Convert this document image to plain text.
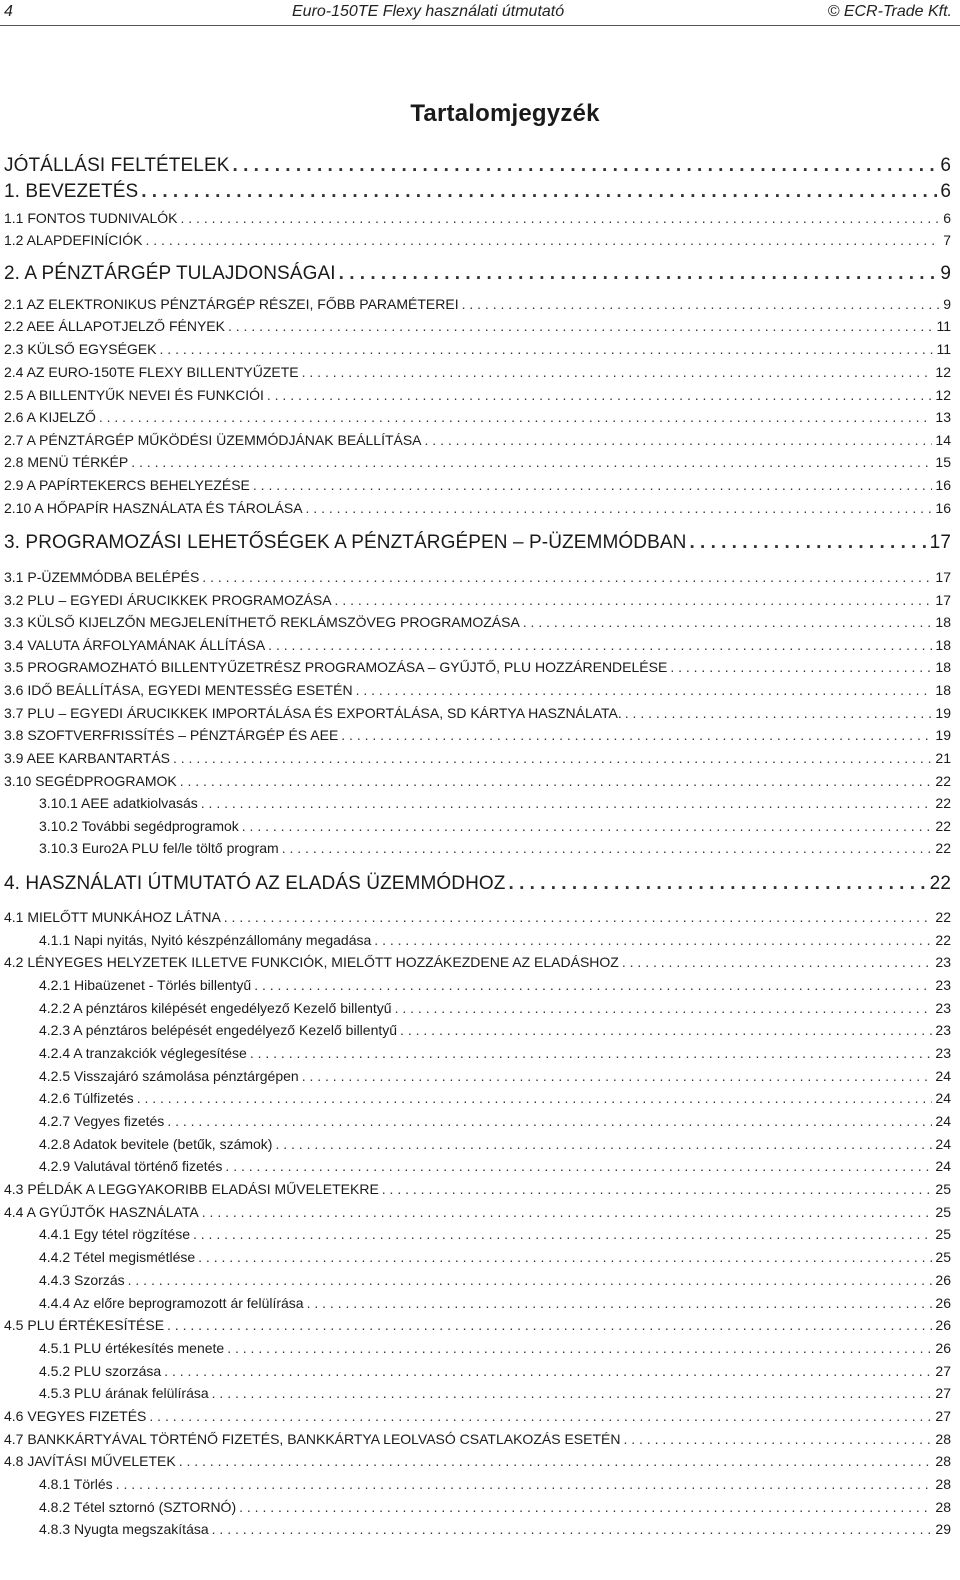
4	Euro-150TE Flexy használati útmutató	© ECR-Trade Kft.
Tartalomjegyzék
JÓTÁLLÁSI FELTÉTELEK . . .	6
1. BEVEZETÉS . . .	6
1.1 FONTOS TUDNIVALÓK . . .	6
1.2 ALAPDEFINÍCIÓK . . .	7
2. A PÉNZTÁRGÉP TULAJDONSÁGAI . . .	9
2.1 AZ ELEKTRONIKUS PÉNZTÁRGÉP RÉSZEI, FŐBB PARAMÉTEREI . . .	9
2.2 AEE ÁLLAPOTJELZŐ FÉNYEK . . .	11
2.3 KÜLSŐ EGYSÉGEK . . .	11
2.4 AZ EURO-150TE FLEXY BILLENTYŰZETE . . .	12
2.5 A BILLENTYŰK NEVEI ÉS FUNKCIÓI . . .	12
2.6 A KIJELZŐ . . .	13
2.7 A PÉNZTÁRGÉP MŰKÖDÉSI ÜZEMMÓDJÁNAK BEÁLLÍTÁSA . . .	14
2.8 MENÜ TÉRKÉP . . .	15
2.9 A PAPÍRTEKERCS BEHELYEZÉSE . . .	16
2.10 A HŐPAPÍR HASZNÁLATA ÉS TÁROLÁSA . . .	16
3. PROGRAMOZÁSI LEHETŐSÉGEK A PÉNZTÁRGÉPEN – P-ÜZEMMÓDBAN . . .	17
3.1 P-ÜZEMMÓDBA BELÉPÉS . . .	17
3.2 PLU – EGYEDI ÁRUCIKKEK PROGRAMOZÁSA . . .	17
3.3 KÜLSŐ KIJELZŐN MEGJELENÍTHETŐ REKLÁMSZÖVEG PROGRAMOZÁSA . . .	18
3.4 VALUTA ÁRFOLYAMÁNAK ÁLLÍTÁSA . . .	18
3.5 PROGRAMOZHATÓ BILLENTYŰZETRÉSZ PROGRAMOZÁSA – GYŰJTŐ, PLU HOZZÁRENDELÉSE . . .	18
3.6 IDŐ BEÁLLÍTÁSA, EGYEDI MENTESSÉG ESETÉN . . .	18
3.7 PLU – EGYEDI ÁRUCIKKEK IMPORTÁLÁSA ÉS EXPORTÁLÁSA, SD KÁRTYA HASZNÁLATA. . . .	19
3.8 SZOFTVERFRISSÍTÉS – PÉNZTÁRGÉP ÉS AEE . . .	19
3.9 AEE KARBANTARTÁS . . .	21
3.10 SEGÉDPROGRAMOK . . .	22
3.10.1 AEE adatkiolvasás . . .	22
3.10.2 További segédprogramok . . .	22
3.10.3 Euro2A PLU fel/le töltő program . . .	22
4. HASZNÁLATI ÚTMUTATÓ AZ ELADÁS ÜZEMMÓDHOZ . . .	22
4.1 MIELŐTT MUNKÁHOZ LÁTNA . . .	22
4.1.1 Napi nyitás, Nyitó készpénzállomány megadása . . .	22
4.2 LÉNYEGES HELYZETEK ILLETVE FUNKCIÓK, MIELŐTT HOZZÁKEZDENE AZ ELADÁSHOZ . . .	23
4.2.1 Hibaüzenet - Törlés billentyű . . .	23
4.2.2 A pénztáros kilépését engedélyező Kezelő billentyű . . .	23
4.2.3 A pénztáros belépését engedélyező Kezelő billentyű . . .	23
4.2.4 A tranzakciók véglegesítése . . .	23
4.2.5 Visszajáró számolása pénztárgépen . . .	24
4.2.6 Túlfizetés . . .	24
4.2.7 Vegyes fizetés . . .	24
4.2.8 Adatok bevitele (betűk, számok) . . .	24
4.2.9 Valutával történő fizetés . . .	24
4.3 PÉLDÁK A LEGGYAKORIBB ELADÁSI MŰVELETEKRE . . .	25
4.4 A GYŰJTŐK HASZNÁLATA . . .	25
4.4.1 Egy tétel rögzítése . . .	25
4.4.2 Tétel megismétlése . . .	25
4.4.3 Szorzás . . .	26
4.4.4 Az előre beprogramozott ár felülírása . . .	26
4.5 PLU ÉRTÉKESÍTÉSE . . .	26
4.5.1 PLU értékesítés menete . . .	26
4.5.2 PLU szorzása . . .	27
4.5.3 PLU árának felülírása . . .	27
4.6 VEGYES FIZETÉS . . .	27
4.7 BANKKÁRTYÁVAL TÖRTÉNŐ FIZETÉS, BANKKÁRTYA LEOLVASÓ CSATLAKOZÁS ESETÉN . . .	28
4.8 JAVÍTÁSI MŰVELETEK . . .	28
4.8.1 Törlés . . .	28
4.8.2 Tétel sztornó (SZTORNÓ) . . .	28
4.8.3 Nyugta megszakítása . . .	29
